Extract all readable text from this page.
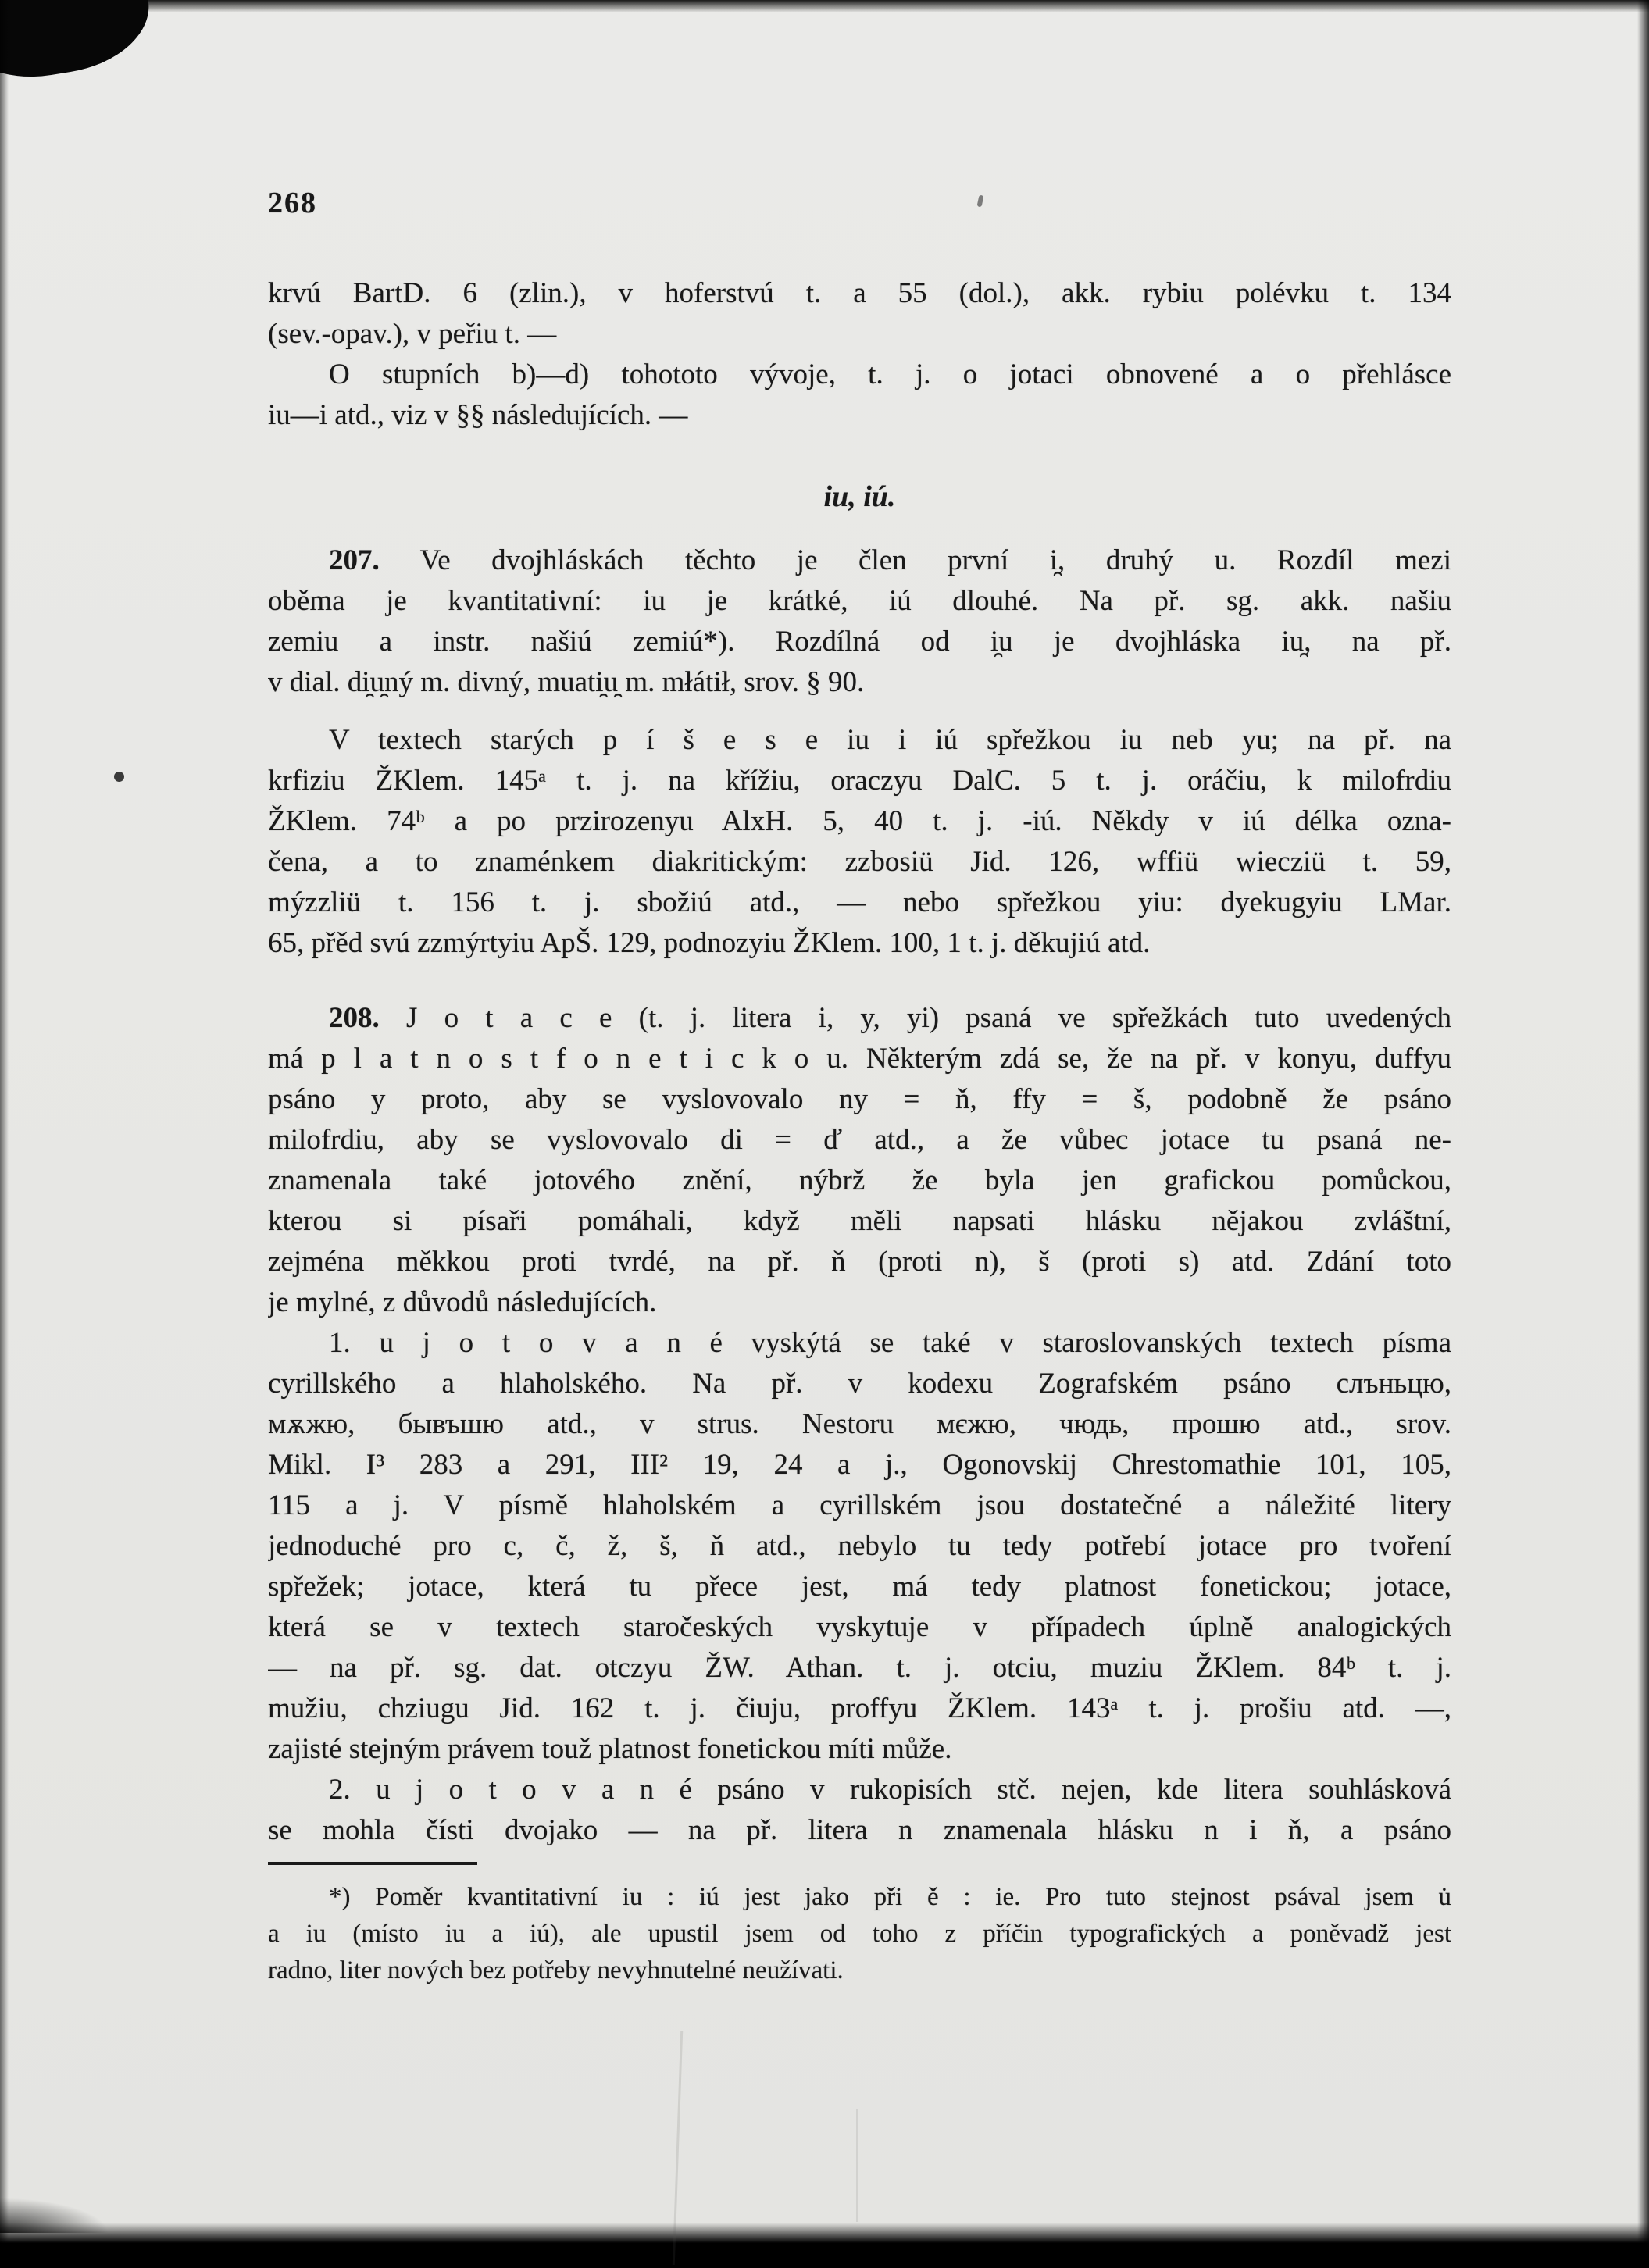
268
krvú BartD. 6 (zlin.), v hoferstvú t. a 55 (dol.), akk. rybiu polévku t. 134
(sev.-opav.), v peřiu t. —
O stupních b)—d) tohototo vývoje, t. j. o jotaci obnovené a o přehlásce
iu—i atd., viz v §§ následujících. —
iu, iú.
207. Ve dvojhláskách těchto je člen první i̯, druhý u. Rozdíl mezi
oběma je kvantitativní: iu je krátké, iú dlouhé. Na př. sg. akk. našiu
zemiu a instr. našiú zemiú*). Rozdílná od i̯u je dvojhláska iu̯, na př.
v dial. di̯u̯ný m. divný, muati̯u̯ m. młátił, srov. § 90.
V textech starých p í š e s e iu i iú spřežkou iu neb yu; na př. na
krfiziu ŽKlem. 145ᵃ t. j. na křížiu, oraczyu DalC. 5 t. j. oráčiu, k milofrdiu
ŽKlem. 74ᵇ a po przirozenyu AlxH. 5, 40 t. j. -iú. Někdy v iú délka ozna-
čena, a to znaménkem diakritickým: zzbosiü Jid. 126, wffiü wiecziü t. 59,
mýzzliü t. 156 t. j. sbožiú atd., — nebo spřežkou yiu: dyekugyiu LMar.
65, přěd svú zzmýrtyiu ApŠ. 129, podnozyiu ŽKlem. 100, 1 t. j. děkujiú atd.
208. J o t a c e (t. j. litera i, y, yi) psaná ve spřežkách tuto uvedených
má p l a t n o s t f o n e t i c k o u. Některým zdá se, že na př. v konyu, duffyu
psáno y proto, aby se vyslovovalo ny = ň, ffy = š, podobně že psáno
milofrdiu, aby se vyslovovalo di = ď atd., a že vůbec jotace tu psaná ne-
znamenala také jotového znění, nýbrž že byla jen grafickou pomůckou,
kterou si písaři pomáhali, když měli napsati hlásku nějakou zvláštní,
zejména měkkou proti tvrdé, na př. ň (proti n), š (proti s) atd. Zdání toto
je mylné, z důvodů následujících.
1. u j o t o v a n é vyskýtá se také v staroslovanských textech písma
cyrillského a hlaholského. Na př. v kodexu Zografském psáno слъньцю,
мѫжю, бывъшю atd., v strus. Nestoru мєжю, чюдь, прошю atd., srov.
Mikl. I³ 283 a 291, III² 19, 24 a j., Ogonovskij Chrestomathie 101, 105,
115 a j. V písmě hlaholském a cyrillském jsou dostatečné a náležité litery
jednoduché pro c, č, ž, š, ň atd., nebylo tu tedy potřebí jotace pro tvoření
spřežek; jotace, která tu přece jest, má tedy platnost fonetickou; jotace,
která se v textech staročeských vyskytuje v případech úplně analogických
— na př. sg. dat. otczyu ŽW. Athan. t. j. otciu, muziu ŽKlem. 84ᵇ t. j.
mužiu, chziugu Jid. 162 t. j. čiuju, proffyu ŽKlem. 143ᵃ t. j. prošiu atd. —,
zajisté stejným právem touž platnost fonetickou míti může.
2. u j o t o v a n é psáno v rukopisích stč. nejen, kde litera souhlásková
se mohla čísti dvojako — na př. litera n znamenala hlásku n i ň, a psáno
*) Poměr kvantitativní iu : iú jest jako při ě : ie. Pro tuto stejnost psával jsem u̇
a iu (místo iu a iú), ale upustil jsem od toho z příčin typografických a poněvadž jest
radno, liter nových bez potřeby nevyhnutelné neužívati.
